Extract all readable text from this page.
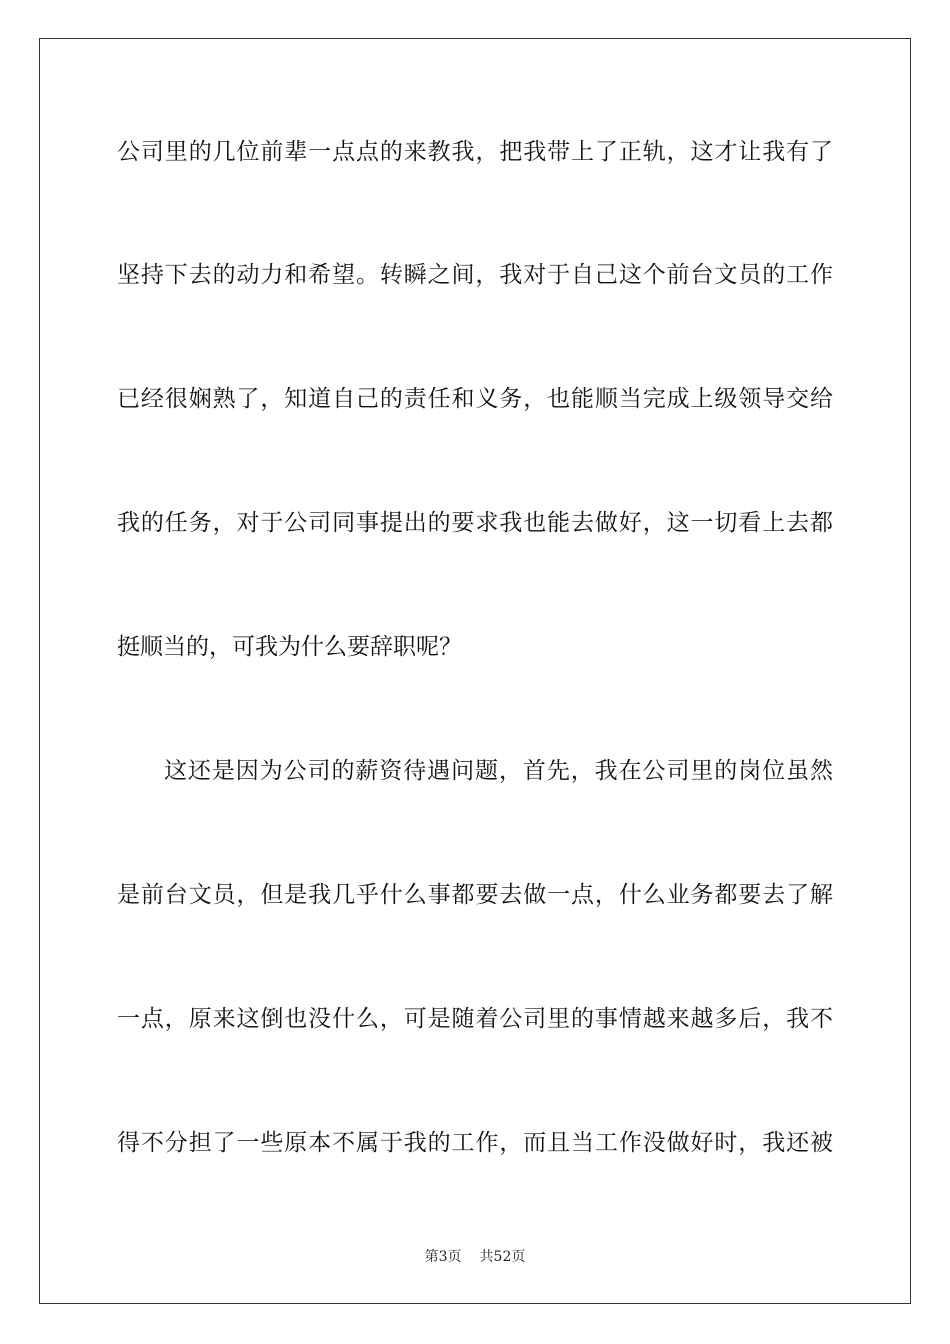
公司里的几位前辈一点点的来教我，把我带上了正轨，这才让我有了
坚持下去的动力和希望。转瞬之间，我对于自己这个前台文员的工作
已经很娴熟了，知道自己的责任和义务，也能顺当完成上级领导交给
我的任务，对于公司同事提出的要求我也能去做好，这一切看上去都
挺顺当的，可我为什么要辞职呢？
这还是因为公司的薪资待遇问题，首先，我在公司里的岗位虽然
是前台文员，但是我几乎什么事都要去做一点，什么业务都要去了解
一点，原来这倒也没什么，可是随着公司里的事情越来越多后，我不
得不分担了一些原本不属于我的工作，而且当工作没做好时，我还被
第3页 共52页
